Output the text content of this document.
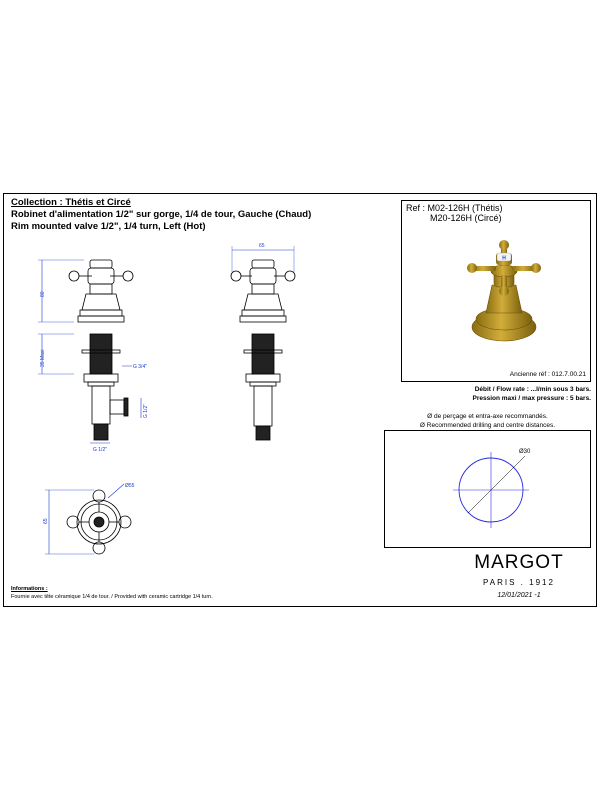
Collection : Thétis et Circé
Robinet d'alimentation 1/2" sur gorge, 1/4 de tour, Gauche (Chaud)
Rim mounted valve 1/2", 1/4 turn, Left (Hot)
80
35 Maxi	G 3/4"
G 1/2"
G 1/2"
65
65
Ø55
Ref : M02-126H (Thétis)
M20-126H (Circé)
H
Ancienne réf : 012.7.00.21
Débit / Flow rate : ...l/min sous 3 bars.
Pression maxi / max pressure : 5 bars.
Ø de perçage et entra-axe recommandés.
Ø Recommended drilling and centre distances.
Ø30
MARGOT
PARIS . 1912
12/01/2021 -1
Informations :
Fournie avec tête céramique 1/4 de tour. / Provided with ceramic cartridge 1/4 turn.
